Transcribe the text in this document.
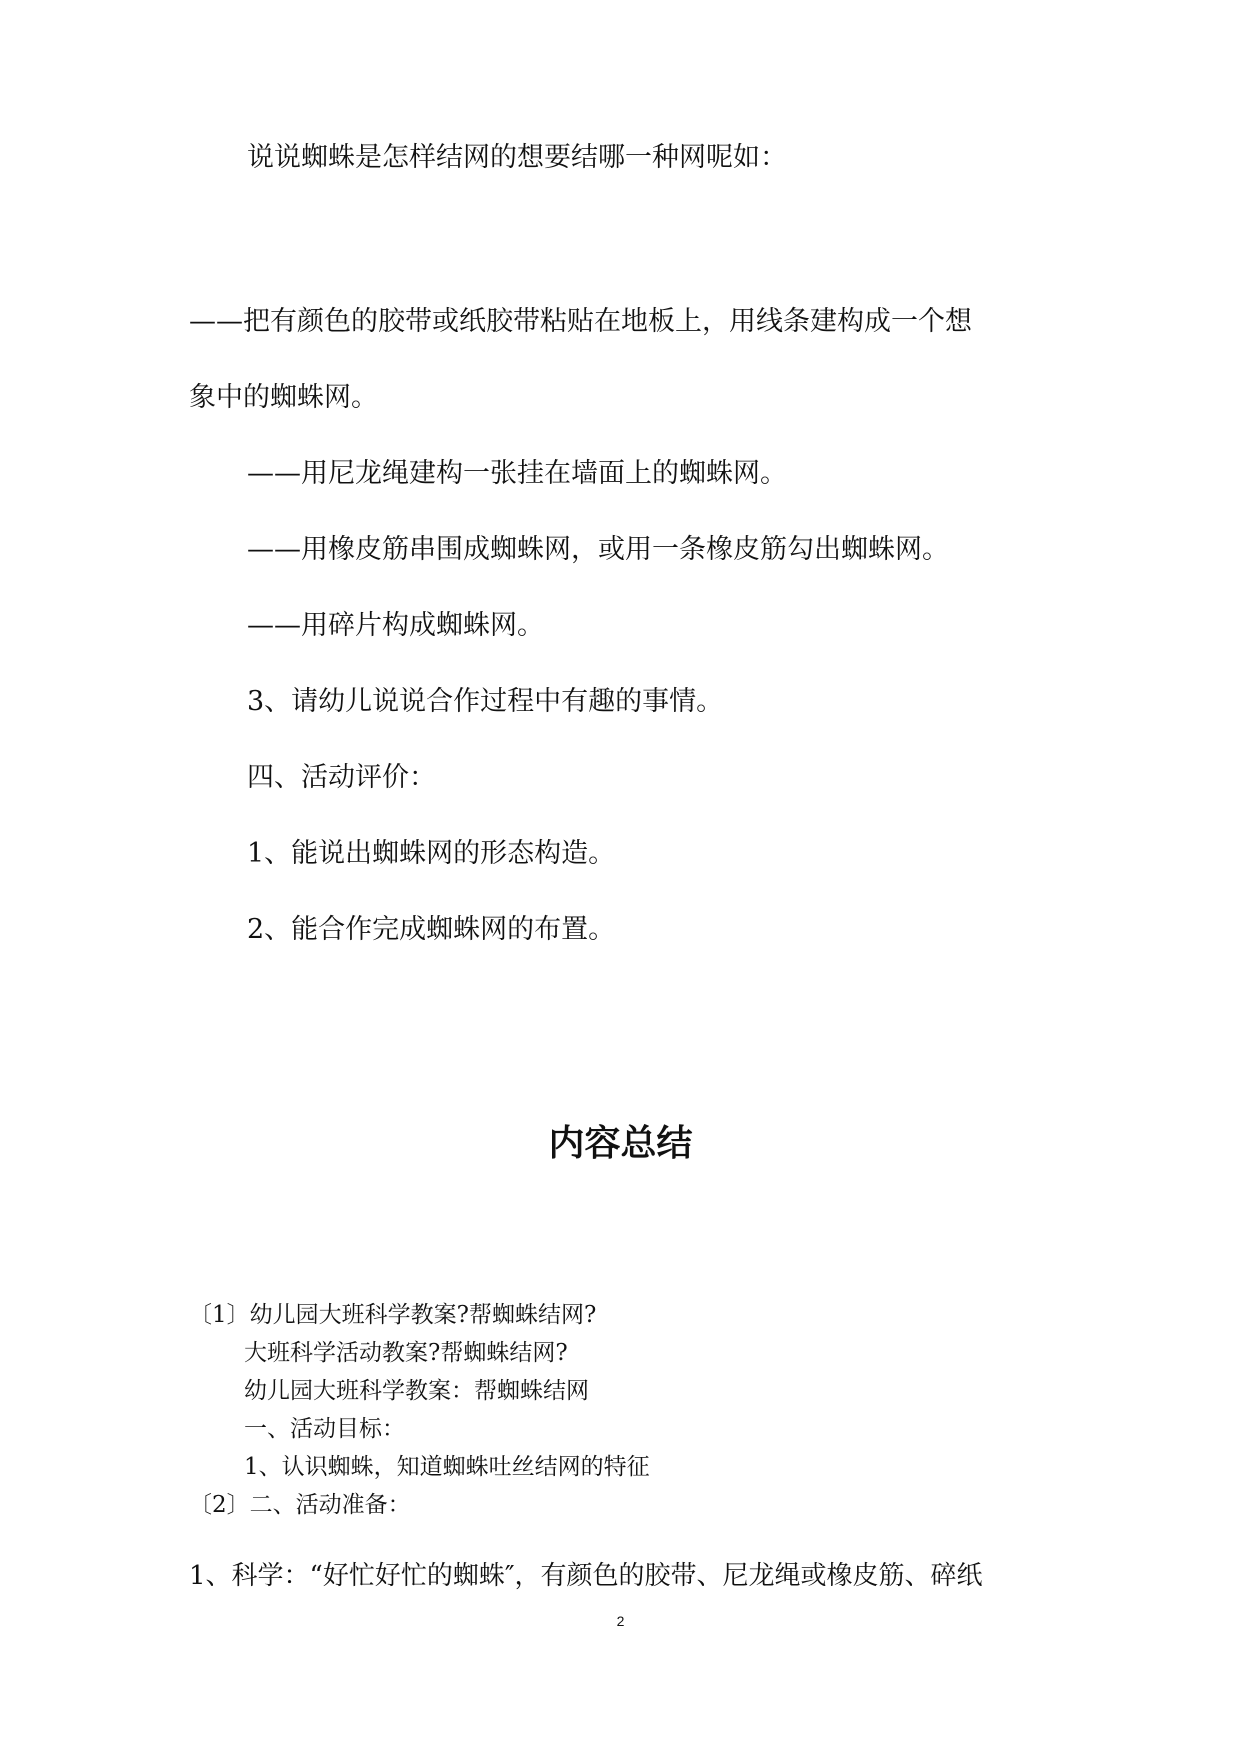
说说蜘蛛是怎样结网的想要结哪一种网呢如：
——把有颜色的胶带或纸胶带粘贴在地板上，用线条建构成一个想
象中的蜘蛛网。
——用尼龙绳建构一张挂在墙面上的蜘蛛网。
——用橡皮筋串围成蜘蛛网，或用一条橡皮筋勾出蜘蛛网。
——用碎片构成蜘蛛网。
3、请幼儿说说合作过程中有趣的事情。
四、活动评价：
1、能说出蜘蛛网的形态构造。
2、能合作完成蜘蛛网的布置。
内容总结
〔1〕幼儿园大班科学教案?帮蜘蛛结网?
大班科学活动教案?帮蜘蛛结网?
幼儿园大班科学教案：帮蜘蛛结网
一、活动目标：
1、认识蜘蛛，知道蜘蛛吐丝结网的特征
〔2〕二、活动准备：
1、科学：“好忙好忙的蜘蛛″，有颜色的胶带、尼龙绳或橡皮筋、碎纸
2
